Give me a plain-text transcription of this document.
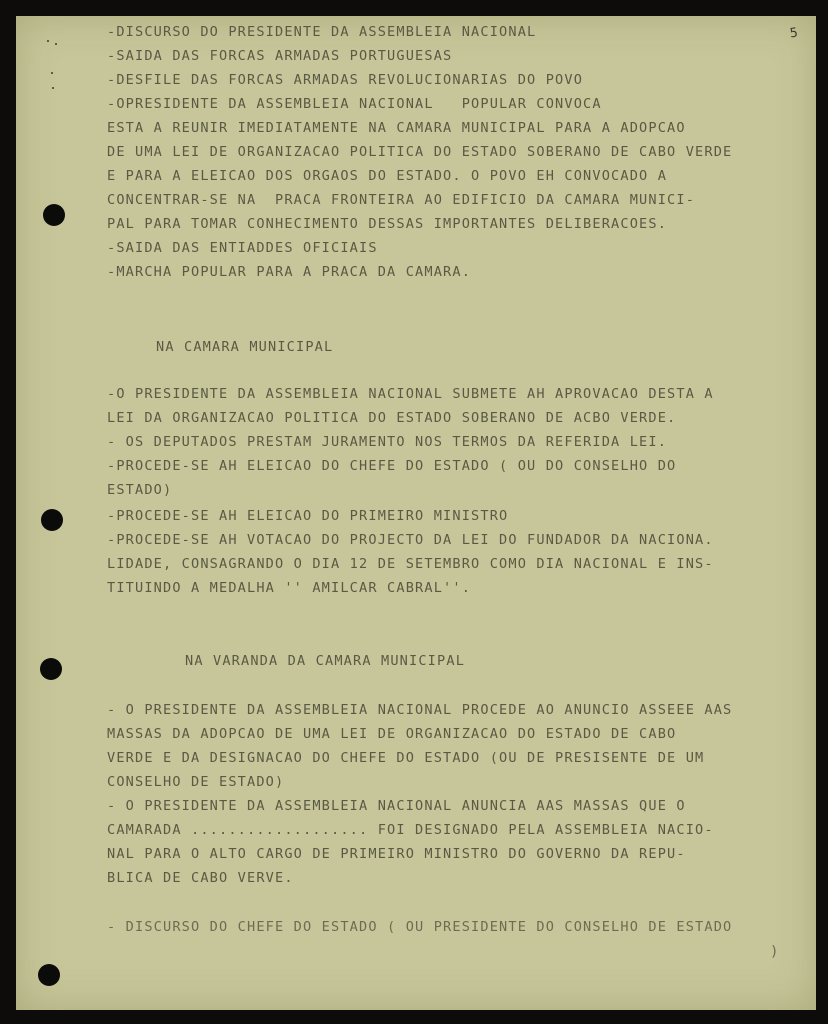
5
-DISCURSO DO PRESIDENTE DA ASSEMBLEIA NACIONAL
-SAIDA DAS FORCAS ARMADAS PORTUGUESAS
-DESFILE DAS FORCAS ARMADAS REVOLUCIONARIAS DO POVO
-OPRESIDENTE DA ASSEMBLEIA NACIONAL   POPULAR CONVOCA
ESTA A REUNIR IMEDIATAMENTE NA CAMARA MUNICIPAL PARA A ADOPCAO
DE UMA LEI DE ORGANIZACAO POLITICA DO ESTADO SOBERANO DE CABO VERDE
E PARA A ELEICAO DOS ORGAOS DO ESTADO. O POVO EH CONVOCADO A
CONCENTRAR-SE NA  PRACA FRONTEIRA AO EDIFICIO DA CAMARA MUNICI-
PAL PARA TOMAR CONHECIMENTO DESSAS IMPORTANTES DELIBERACOES.
-SAIDA DAS ENTIADDES OFICIAIS
-MARCHA POPULAR PARA A PRACA DA CAMARA.
NA CAMARA MUNICIPAL
-O PRESIDENTE DA ASSEMBLEIA NACIONAL SUBMETE AH APROVACAO DESTA A
LEI DA ORGANIZACAO POLITICA DO ESTADO SOBERANO DE ACBO VERDE.
- OS DEPUTADOS PRESTAM JURAMENTO NOS TERMOS DA REFERIDA LEI.
-PROCEDE-SE AH ELEICAO DO CHEFE DO ESTADO ( OU DO CONSELHO DO
ESTADO)
-PROCEDE-SE AH ELEICAO DO PRIMEIRO MINISTRO
-PROCEDE-SE AH VOTACAO DO PROJECTO DA LEI DO FUNDADOR DA NACIONA.
LIDADE, CONSAGRANDO O DIA 12 DE SETEMBRO COMO DIA NACIONAL E INS-
TITUINDO A MEDALHA '' AMILCAR CABRAL''.
NA VARANDA DA CAMARA MUNICIPAL
- O PRESIDENTE DA ASSEMBLEIA NACIONAL PROCEDE AO ANUNCIO ASSEEE AAS
MASSAS DA ADOPCAO DE UMA LEI DE ORGANIZACAO DO ESTADO DE CABO
VERDE E DA DESIGNACAO DO CHEFE DO ESTADO (OU DE PRESISENTE DE UM
CONSELHO DE ESTADO)
- O PRESIDENTE DA ASSEMBLEIA NACIONAL ANUNCIA AAS MASSAS QUE O
CAMARADA ................... FOI DESIGNADO PELA ASSEMBLEIA NACIO-
NAL PARA O ALTO CARGO DE PRIMEIRO MINISTRO DO GOVERNO DA REPU-
BLICA DE CABO VERVE.
- DISCURSO DO CHEFE DO ESTADO ( OU PRESIDENTE DO CONSELHO DE ESTADO
)
